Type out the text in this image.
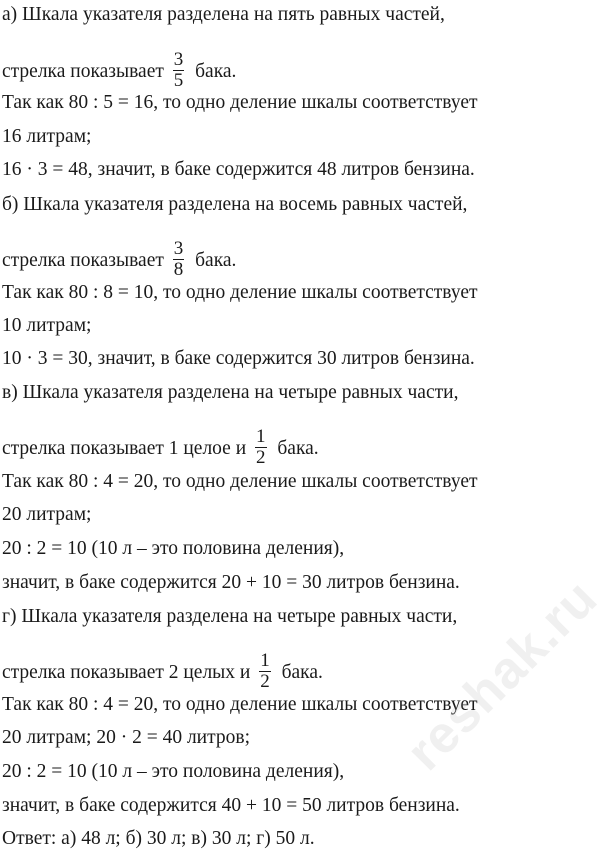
а) Шкала указателя разделена на пять равных частей,
стрелка показывает $\frac{3}{5}$ бака.
Так как 80 : 5 = 16, то одно деление шкалы соответствует
16 литрам;
16 · 3 = 48, значит, в баке содержится 48 литров бензина.
б) Шкала указателя разделена на восемь равных частей,
стрелка показывает $\frac{3}{8}$ бака.
Так как 80 : 8 = 10, то одно деление шкалы соответствует
10 литрам;
10 · 3 = 30, значит, в баке содержится 30 литров бензина.
в) Шкала указателя разделена на четыре равных части,
стрелка показывает 1 целое и $\frac{1}{2}$ бака.
Так как 80 : 4 = 20, то одно деление шкалы соответствует
20 литрам;
20 : 2 = 10 (10 л – это половина деления),
значит, в баке содержится 20 + 10 = 30 литров бензина.
г) Шкала указателя разделена на четыре равных части,
стрелка показывает 2 целых и $\frac{1}{2}$ бака.
Так как 80 : 4 = 20, то одно деление шкалы соответствует
20 литрам; 20 · 2 = 40 литров;
20 : 2 = 10 (10 л – это половина деления),
значит, в баке содержится 40 + 10 = 50 литров бензина.
Ответ: а) 48 л; б) 30 л; в) 30 л; г) 50 л.
reshak.ru
